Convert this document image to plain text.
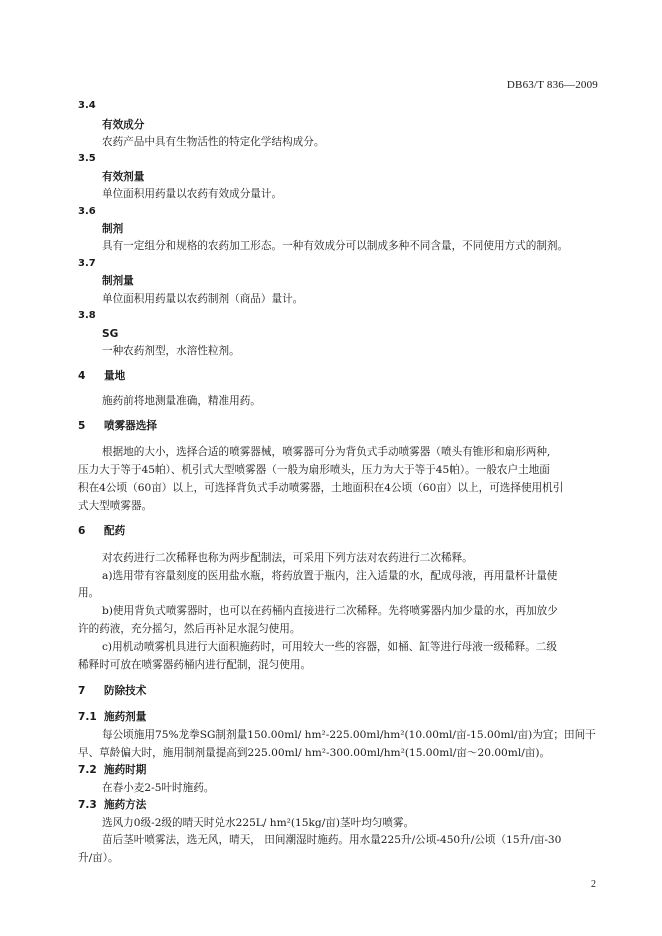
DB63/T 836—2009
3.4
有效成分
农药产品中具有生物活性的特定化学结构成分。
3.5
有效剂量
单位面积用药量以农药有效成分量计。
3.6
制剂
具有一定组分和规格的农药加工形态。一种有效成分可以制成多种不同含量，不同使用方式的制剂。
3.7
制剂量
单位面积用药量以农药制剂（商品）量计。
3.8
SG
一种农药剂型，水溶性粒剂。
4 量地
施药前将地测量准确，精准用药。
5 喷雾器选择
根据地的大小，选择合适的喷雾器械，喷雾器可分为背负式手动喷雾器（喷头有锥形和扇形两种,
压力大于等于45帕）、机引式大型喷雾器（一般为扇形喷头，压力为大于等于45帕）。一般农户土地面
积在4公顷（60亩）以上，可选择背负式手动喷雾器，土地面积在4公顷（60亩）以上，可选择使用机引
式大型喷雾器。
6 配药
对农药进行二次稀释也称为两步配制法，可采用下列方法对农药进行二次稀释。
a)选用带有容量刻度的医用盐水瓶，将药放置于瓶内，注入适量的水，配成母液，再用量杯计量使
用。
b)使用背负式喷雾器时，也可以在药桶内直接进行二次稀释。先将喷雾器内加少量的水，再加放少
许的药液，充分摇匀，然后再补足水混匀使用。
c)用机动喷雾机具进行大面积施药时，可用较大一些的容器，如桶、缸等进行母液一级稀释。二级
稀释时可放在喷雾器药桶内进行配制，混匀使用。
7 防除技术
7.1 施药剂量
每公顷施用75%龙拳SG制剂量150.00ml/ hm²-225.00ml/hm²(10.00ml/亩-15.00ml/亩)为宜；田间干
早、草龄偏大时，施用制剂量提高到225.00ml/ hm²-300.00ml/hm²(15.00ml/亩～20.00ml/亩)。
7.2 施药时期
在春小麦2-5叶时施药。
7.3 施药方法
选风力0级-2级的晴天时兑水225L/ hm²(15kg/亩)茎叶均匀喷雾。
苗后茎叶喷雾法，选无风，晴天， 田间潮湿时施药。用水量225升/公顷-450升/公顷（15升/亩-30
升/亩）。
2
